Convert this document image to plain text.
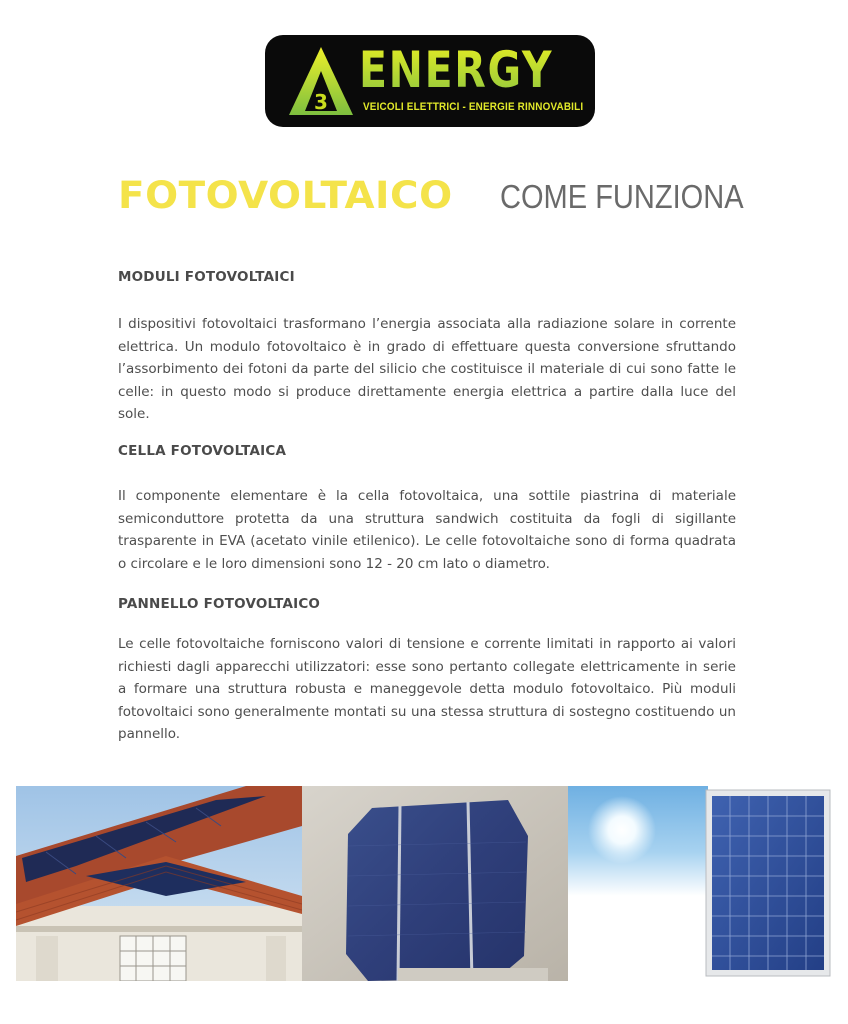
3
ENERGY
VEICOLI ELETTRICI - ENERGIE RINNOVABILI
FOTOVOLTAICO COME FUNZIONA
MODULI FOTOVOLTAICI
I dispositivi fotovoltaici trasformano l’energia associata alla radiazione solare in corrente elettrica. Un modulo fotovoltaico è in grado di effettuare questa conversione sfruttando l’assorbimento dei fotoni da parte del silicio che costituisce il materiale di cui sono fatte le celle: in questo modo si produce direttamente energia elettrica a partire dalla luce del sole.
CELLA FOTOVOLTAICA
Il componente elementare è la cella fotovoltaica, una sottile piastrina di materiale semiconduttore protetta da una struttura sandwich costituita da fogli di sigillante trasparente in EVA (acetato vinile etilenico). Le celle fotovoltaiche sono di forma quadrata o circolare e le loro dimensioni sono 12 - 20 cm lato o diametro.
PANNELLO FOTOVOLTAICO
Le celle fotovoltaiche forniscono valori di tensione e corrente limitati in rapporto ai valori richiesti dagli apparecchi utilizzatori: esse sono pertanto collegate elettricamente in serie a formare una struttura robusta e maneggevole detta modulo fotovoltaico. Più moduli fotovoltaici sono generalmente montati su una stessa struttura di sostegno costituendo un pannello.
